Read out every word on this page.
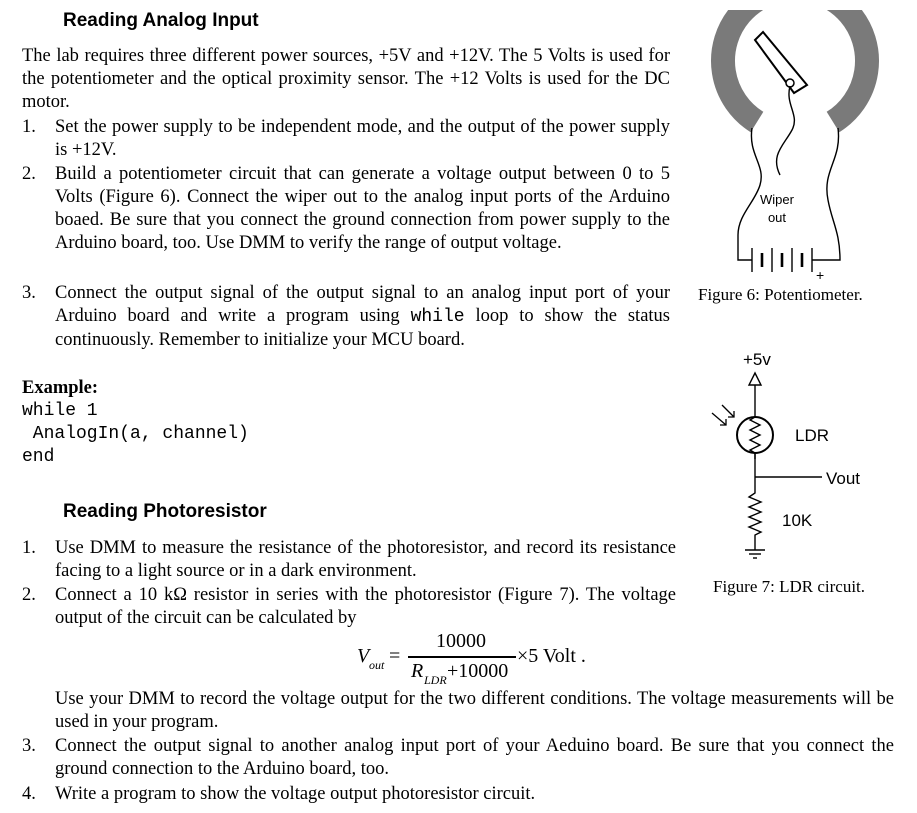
Reading Analog Input
The lab requires three different power sources, +5V and +12V. The 5 Volts is used for the potentiometer and the optical proximity sensor. The +12 Volts is used for the DC motor.
1. Set the power supply to be independent mode, and the output of the power supply is +12V.
2. Build a potentiometer circuit that can generate a voltage output between 0 to 5 Volts (Figure 6). Connect the wiper out to the analog input ports of the Arduino boaed. Be sure that you connect the ground connection from power supply to the Arduino board, too. Use DMM to verify the range of output voltage.
3. Connect the output signal of the output signal to an analog input port of your Arduino board and write a program using while loop to show the status continuously. Remember to initialize your MCU board.
Example:
while 1
AnalogIn(a, channel)
end
Reading Photoresistor
1. Use DMM to measure the resistance of the photoresistor, and record its resistance facing to a light source or in a dark environment.
2. Connect a 10 kΩ resistor in series with the photoresistor (Figure 7). The voltage output of the circuit can be calculated by
V out =
10000
R LDR +10000
×5 Volt .
Use your DMM to record the voltage output for the two different conditions. The voltage measurements will be used in your program.
3. Connect the output signal to another analog input port of your Aeduino board. Be sure that you connect the ground connection to the Arduino board, too.
4. Write a program to show the voltage output photoresistor circuit.
Wiper
out
+
Figure 6: Potentiometer.
+5v
LDR
Vout
10K
Figure 7: LDR circuit.
